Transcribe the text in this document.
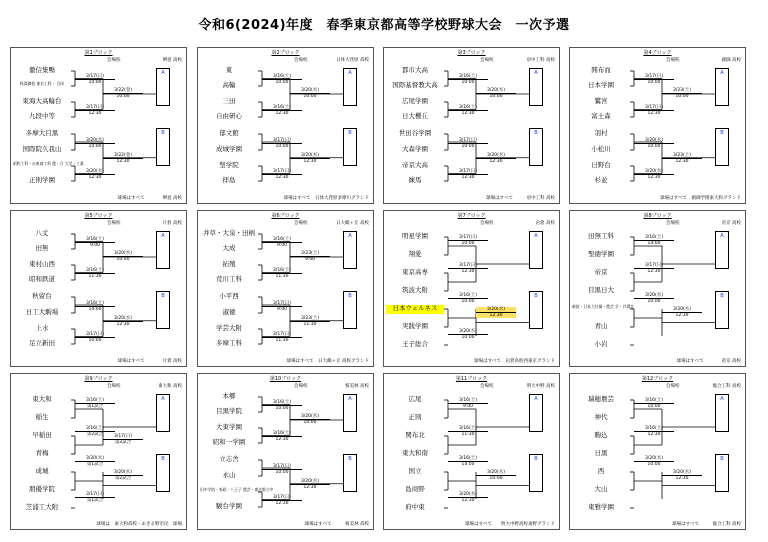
令和6(2024)年度　春季東京都高等学校野球大会　一次予選
第1ブロック
会場校	堺意 高校
徹信集鴨
秋蘂御校 東京工科・ 合同
東海大高輪台
九段中等
多摩大目黒
国際院久我山
昭和工科・台東商工科 農・合 大学・工業
正則学園
3/17(日)
10:00
3/17(日)
12:30
3/20(水)
10:00
3/20(水)
12:30
3/22(金)
10:00
3/22(金)
12:30
A
B
球場はすべて　　　　堺意 高校
第2ブロック
会場校	日体大荏原 高校
東
高輪
三田
自由研心
郁文館
成城学園
聖学院
拝島
3/16(土)
10:00
3/16(土)
12:30
3/17(日)
10:00
3/17(日)
12:30
3/20(水)
10:00
3/20(水)
12:30
A
B
球場はすべて　日体大荏原多摩川グランド
第3ブロック
会場校	府中工科 高校
都市大高
国際基督教大高
広尾学園
日大櫻丘
世田谷学園
大森学園
帝京大高
練馬
3/16(土)
10:00
3/16(土)
12:30
3/17(日)
10:00
3/17(日)
12:30
3/20(水)
10:00
3/20(水)
12:30
A
B
球場はすべて　　　府中工科 高校
第4ブロック
会場校	創価 高校
開布而
日本学園
鷲宮
富士森
羽村
小松川
日野台
杉並
3/17(日)
10:00
3/17(日)
12:30
3/20(水)
10:00
3/20(水)
12:30
3/23(土)
10:00
3/23(土)
12:30
A
B
球場はすべて　創価学園東大和グランド
第5ブロック
会場校	片倉 高校
八丈
田無
東村山西
昭和鉄道
秋留台
日工大駒場
上水
足立新田
3/16(土)
9:00
3/16(土)
11:30
3/16(土)
14:00
3/17(日)
10:00
3/20(水)
10:00
3/20(水)
12:30
A
B
球場はすべて　　　　片倉 高校
第6ブロック
会場校	日大鶴ヶ丘 高校
井草・大泉・田柄
大成
拓殖
荒川工科
小平西
淑徳
学芸大附
多摩工科
3/16(土)
9:00
3/16(土)
11:30
3/17(日)
9:00
3/17(日)
11:30
3/23(土)
9:00
3/23(土)
11:30
A
B
球場はすべて　日大鶴ヶ丘 高校グランド
第7ブロック
会場校	岩倉 高校
明星学園
翔愛
東京高専
筑波大附
日本ウェルネス
実践学園
王子総合
3/17(日)
10:00
3/17(日)
12:30
3/16(土)
10:00
3/20(水)
12:30
3/20(水)
10:00
A
B
球場はすべて　岩倉高校西東京グランド
第8ブロック
会場校	帝京 高校
田無工科
聖徳学園
帝京
目黒日大
新宿・日本大付属・農芸 学・芦溝北
青山
小岩
3/16(土)
14:00
3/17(日)
12:30
3/20(水)
10:00
3/20(水)
12:30
A
B
球場はすべて　　　　帝京 高校
第9ブロック
会場校	東大和 高校
東大和
稲生
早稲田
青梅
成城
朋優学院
芝浦工大附
3/16(土)
第1試合
3/16(土)
第2試合
3/20(水)
第1試合
3/20(水)
第2試合
3/17(日)
第1試合
3/17(日)
第2試合
A
B
球場は　東大和高校・あきる野市民　球場
第10ブロック
会場校	桜美林 高校
本郷
目黒学院
大東学園
昭和一学園
立志舎
永山
田中学院・家政・八王子 農芸・東京都立中
駿台学園
3/16(土)
10:00
3/16(土)
12:30
3/17(日)
10:00
3/17(日)
12:30
3/20(水)
10:00
3/20(水)
12:30
A
B
球場はすべて　　　桜美林 高校
第11ブロック
会場校	明大中野 高校
広尾
正則
関布北
東大和南
国立
島商野
府中東
3/16(土)
9:00
3/16(土)
11:30
3/16(土)
14:00
3/20(水)
10:00
3/20(水)
12:30
A
B
球場はすべて　　明大中野高校東野グランド
第12ブロック
会場校	総合工科 高校
瑞穂農芸
神代
駒込
日黒
西
大山
東雅学園
3/16(土)
10:00
3/16(土)
12:30
3/20(水)
10:00
3/20(水)
12:30
A
B
球場はすべて　　　総合工科 高校
